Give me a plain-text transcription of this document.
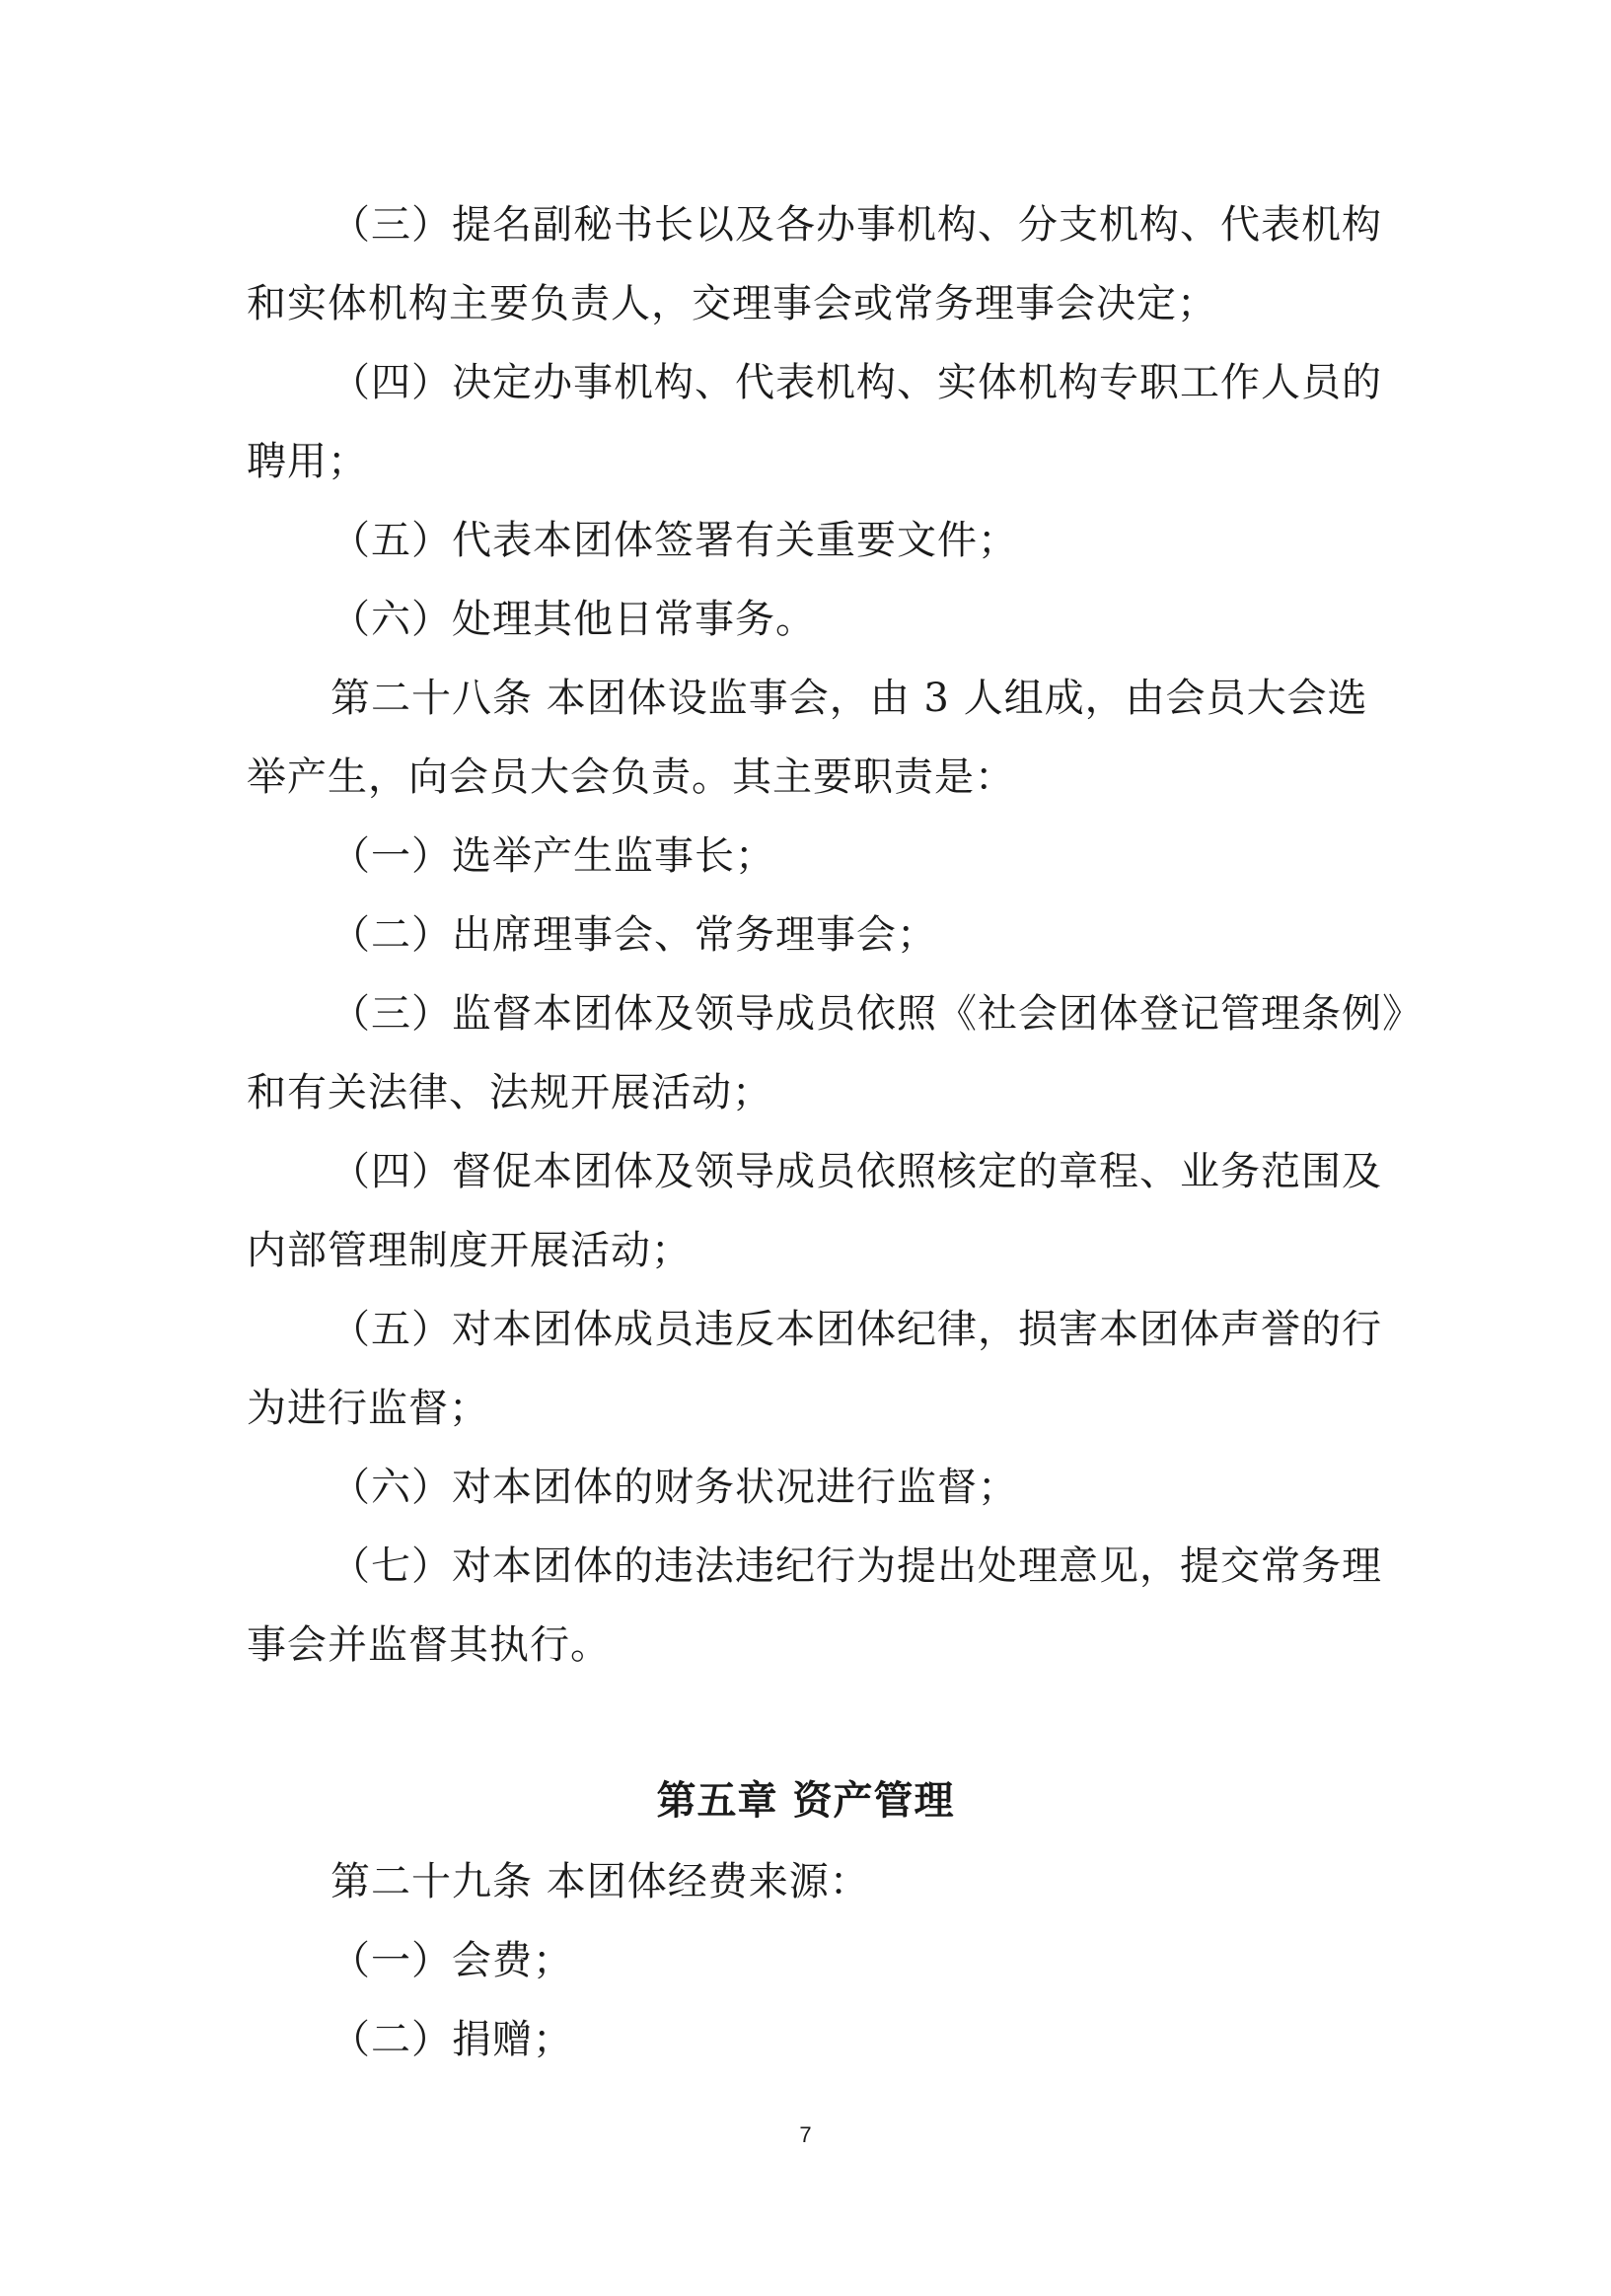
（三）提名副秘书长以及各办事机构、分支机构、代表机构
和实体机构主要负责人，交理事会或常务理事会决定；

（四）决定办事机构、代表机构、实体机构专职工作人员的
聘用；

（五）代表本团体签署有关重要文件；

（六）处理其他日常事务。

第二十八条 本团体设监事会，由 3 人组成，由会员大会选
举产生，向会员大会负责。其主要职责是：

（一）选举产生监事长；

（二）出席理事会、常务理事会；

（三）监督本团体及领导成员依照《社会团体登记管理条例》
和有关法律、法规开展活动；

（四）督促本团体及领导成员依照核定的章程、业务范围及
内部管理制度开展活动；

（五）对本团体成员违反本团体纪律，损害本团体声誉的行
为进行监督；

（六）对本团体的财务状况进行监督；

（七）对本团体的违法违纪行为提出处理意见，提交常务理
事会并监督其执行。

第五章 资产管理

第二十九条 本团体经费来源：

（一）会费；

（二）捐赠；

7
